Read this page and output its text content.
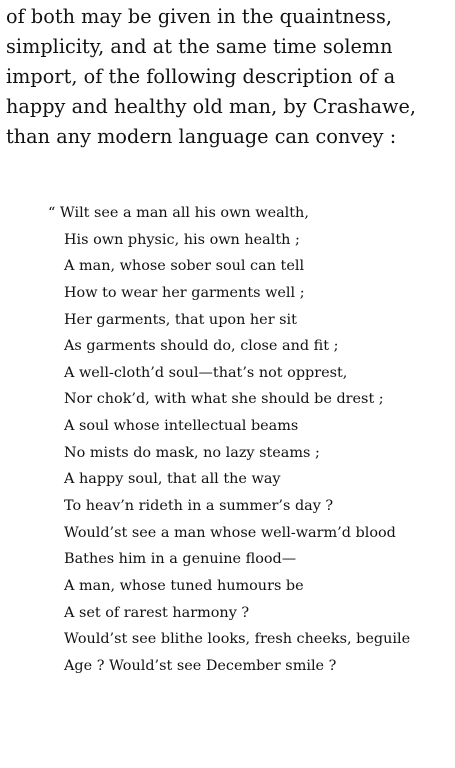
of both may be given in the quaintness,
simplicity, and at the same time solemn
import, of the following description of a
happy and healthy old man, by Crashawe,
than any modern language can convey :
“ Wilt see a man all his own wealth,
His own physic, his own health ;
A man, whose sober soul can tell
How to wear her garments well ;
Her garments, that upon her sit
As garments should do, close and fit ;
A well-cloth’d soul—that’s not opprest,
Nor chok’d, with what she should be drest ;
A soul whose intellectual beams
No mists do mask, no lazy steams ;
A happy soul, that all the way
To heav’n rideth in a summer’s day ?
Would’st see a man whose well-warm’d blood
Bathes him in a genuine flood—
A man, whose tuned humours be
A set of rarest harmony ?
Would’st see blithe looks, fresh cheeks, beguile
Age ? Would’st see December smile ?
